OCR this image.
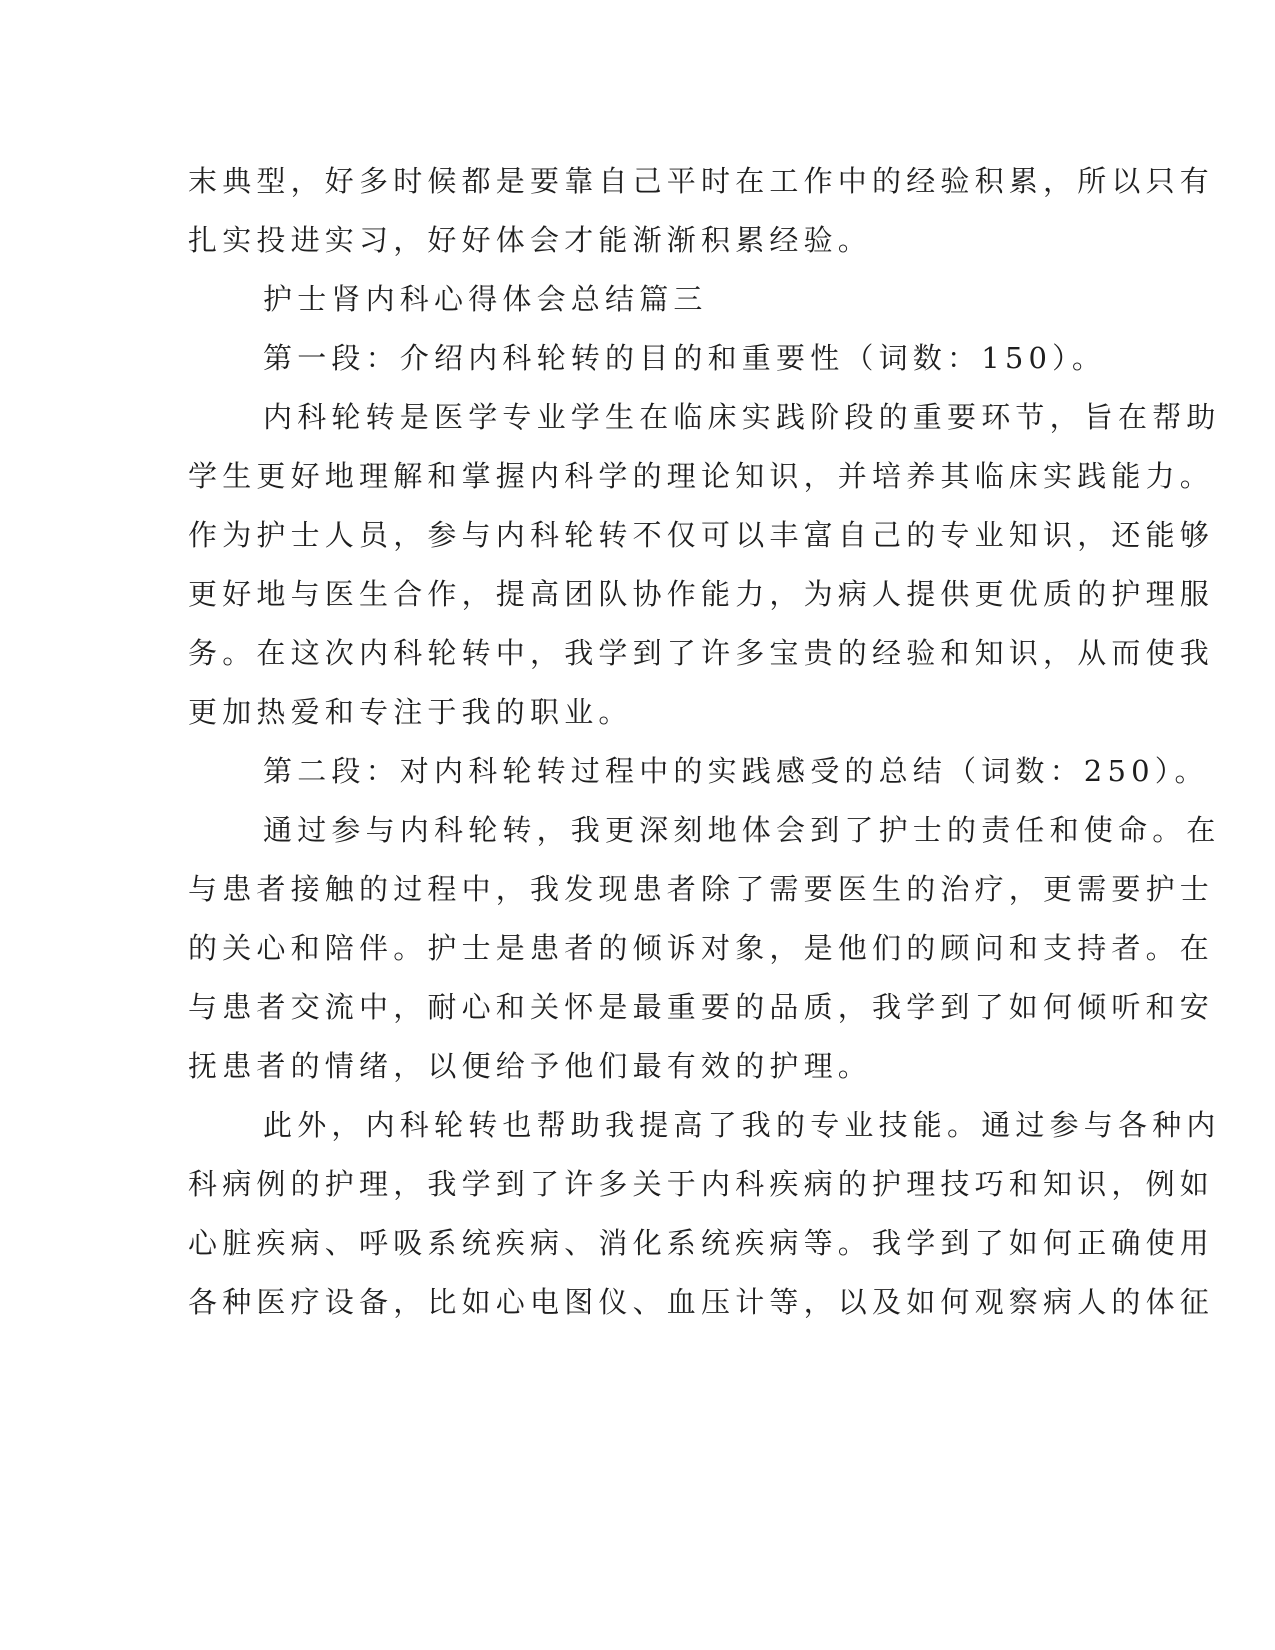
末典型，好多时候都是要靠自己平时在工作中的经验积累，所以只有
扎实投进实习，好好体会才能渐渐积累经验。
护士肾内科心得体会总结篇三
第一段：介绍内科轮转的目的和重要性（词数：150）。
内科轮转是医学专业学生在临床实践阶段的重要环节，旨在帮助
学生更好地理解和掌握内科学的理论知识，并培养其临床实践能力。
作为护士人员，参与内科轮转不仅可以丰富自己的专业知识，还能够
更好地与医生合作，提高团队协作能力，为病人提供更优质的护理服
务。在这次内科轮转中，我学到了许多宝贵的经验和知识，从而使我
更加热爱和专注于我的职业。
第二段：对内科轮转过程中的实践感受的总结（词数：250）。
通过参与内科轮转，我更深刻地体会到了护士的责任和使命。在
与患者接触的过程中，我发现患者除了需要医生的治疗，更需要护士
的关心和陪伴。护士是患者的倾诉对象，是他们的顾问和支持者。在
与患者交流中，耐心和关怀是最重要的品质，我学到了如何倾听和安
抚患者的情绪，以便给予他们最有效的护理。
此外，内科轮转也帮助我提高了我的专业技能。通过参与各种内
科病例的护理，我学到了许多关于内科疾病的护理技巧和知识，例如
心脏疾病、呼吸系统疾病、消化系统疾病等。我学到了如何正确使用
各种医疗设备，比如心电图仪、血压计等，以及如何观察病人的体征
